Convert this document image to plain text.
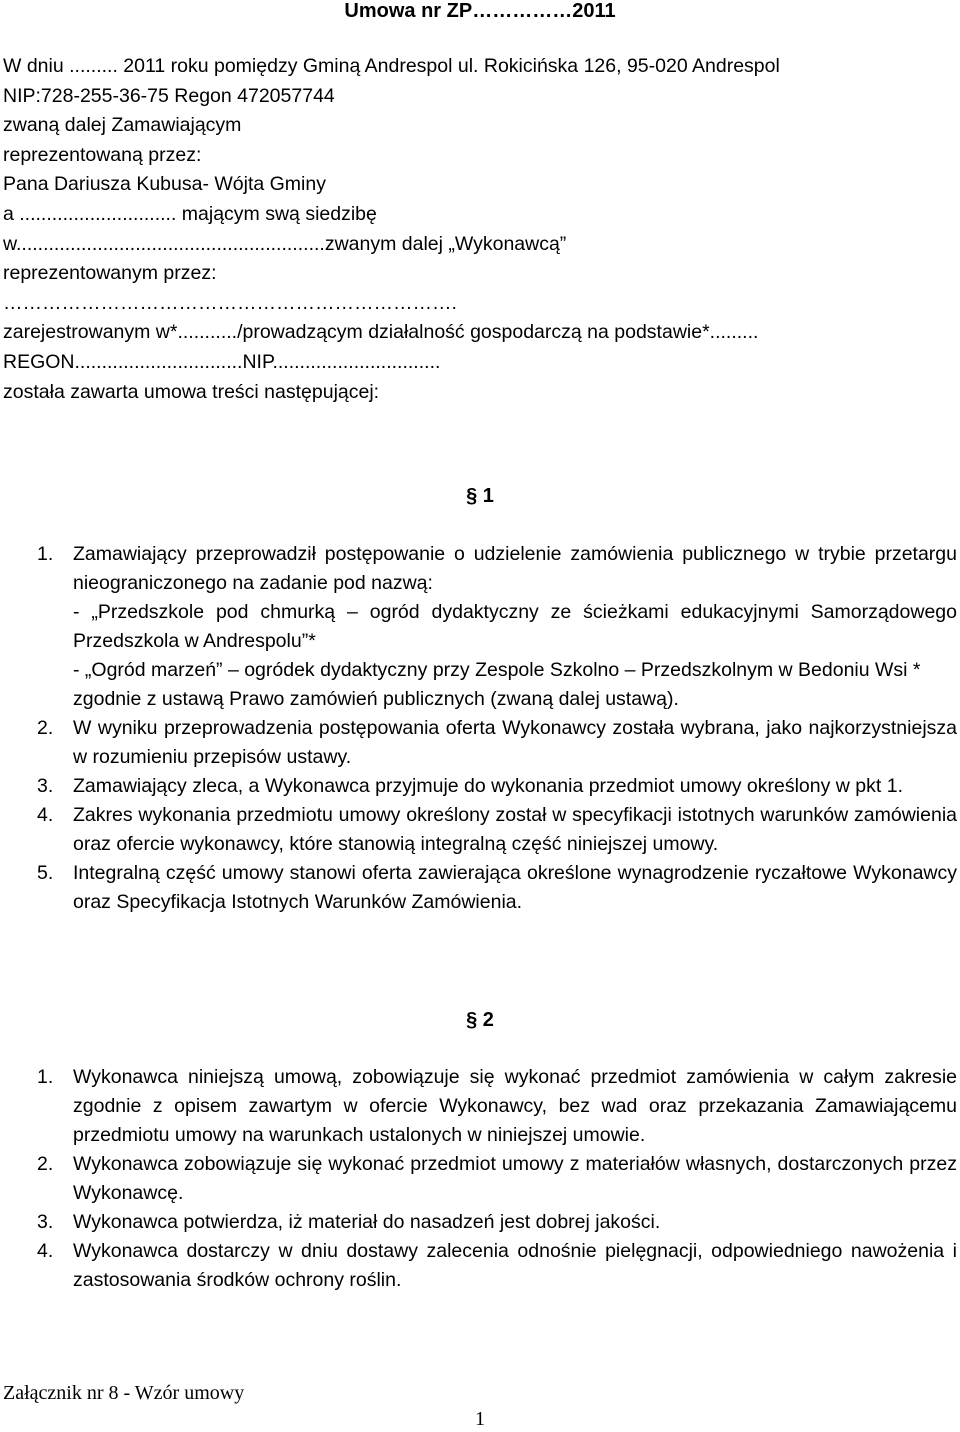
Umowa nr ZP……………2011
W dniu ......... 2011 roku pomiędzy Gminą Andrespol ul. Rokicińska 126, 95-020 Andrespol
NIP:728-255-36-75 Regon 472057744
zwaną dalej Zamawiającym
reprezentowaną przez:
Pana Dariusza Kubusa- Wójta Gminy
a ............................. mającym swą siedzibę
w.........................................................zwanym dalej „Wykonawcą”
reprezentowanym przez:
…………………………………………………………….
zarejestrowanym w*.........../prowadzącym działalność gospodarczą na podstawie*.........
REGON...............................NIP...............................
została zawarta umowa treści następującej:
§ 1
1. Zamawiający przeprowadził postępowanie o udzielenie zamówienia publicznego w trybie przetargu nieograniczonego na zadanie pod nazwą:
- „Przedszkole pod chmurką – ogród dydaktyczny ze ścieżkami edukacyjnymi Samorządowego Przedszkola w Andrespolu”*
- „Ogród marzeń” – ogródek dydaktyczny przy Zespole Szkolno – Przedszkolnym w Bedoniu Wsi *
zgodnie z ustawą Prawo zamówień publicznych (zwaną dalej ustawą).
2. W wyniku przeprowadzenia postępowania oferta Wykonawcy została wybrana, jako najkorzystniejsza w rozumieniu przepisów ustawy.
3. Zamawiający zleca, a Wykonawca przyjmuje do wykonania przedmiot umowy określony w pkt 1.
4. Zakres wykonania przedmiotu umowy określony został w specyfikacji istotnych warunków zamówienia oraz ofercie wykonawcy, które stanowią integralną część niniejszej umowy.
5. Integralną część umowy stanowi oferta zawierająca określone wynagrodzenie ryczałtowe Wykonawcy oraz Specyfikacja Istotnych Warunków Zamówienia.
§ 2
1. Wykonawca niniejszą umową, zobowiązuje się wykonać przedmiot zamówienia w całym zakresie zgodnie z opisem zawartym w ofercie Wykonawcy, bez wad oraz przekazania Zamawiającemu przedmiotu umowy na warunkach ustalonych w niniejszej umowie.
2. Wykonawca zobowiązuje się wykonać przedmiot umowy z materiałów własnych, dostarczonych przez Wykonawcę.
3. Wykonawca potwierdza, iż materiał do nasadzeń jest dobrej jakości.
4. Wykonawca dostarczy w dniu dostawy zalecenia odnośnie pielęgnacji, odpowiedniego nawożenia i zastosowania środków ochrony roślin.
Załącznik nr 8 - Wzór umowy
1
